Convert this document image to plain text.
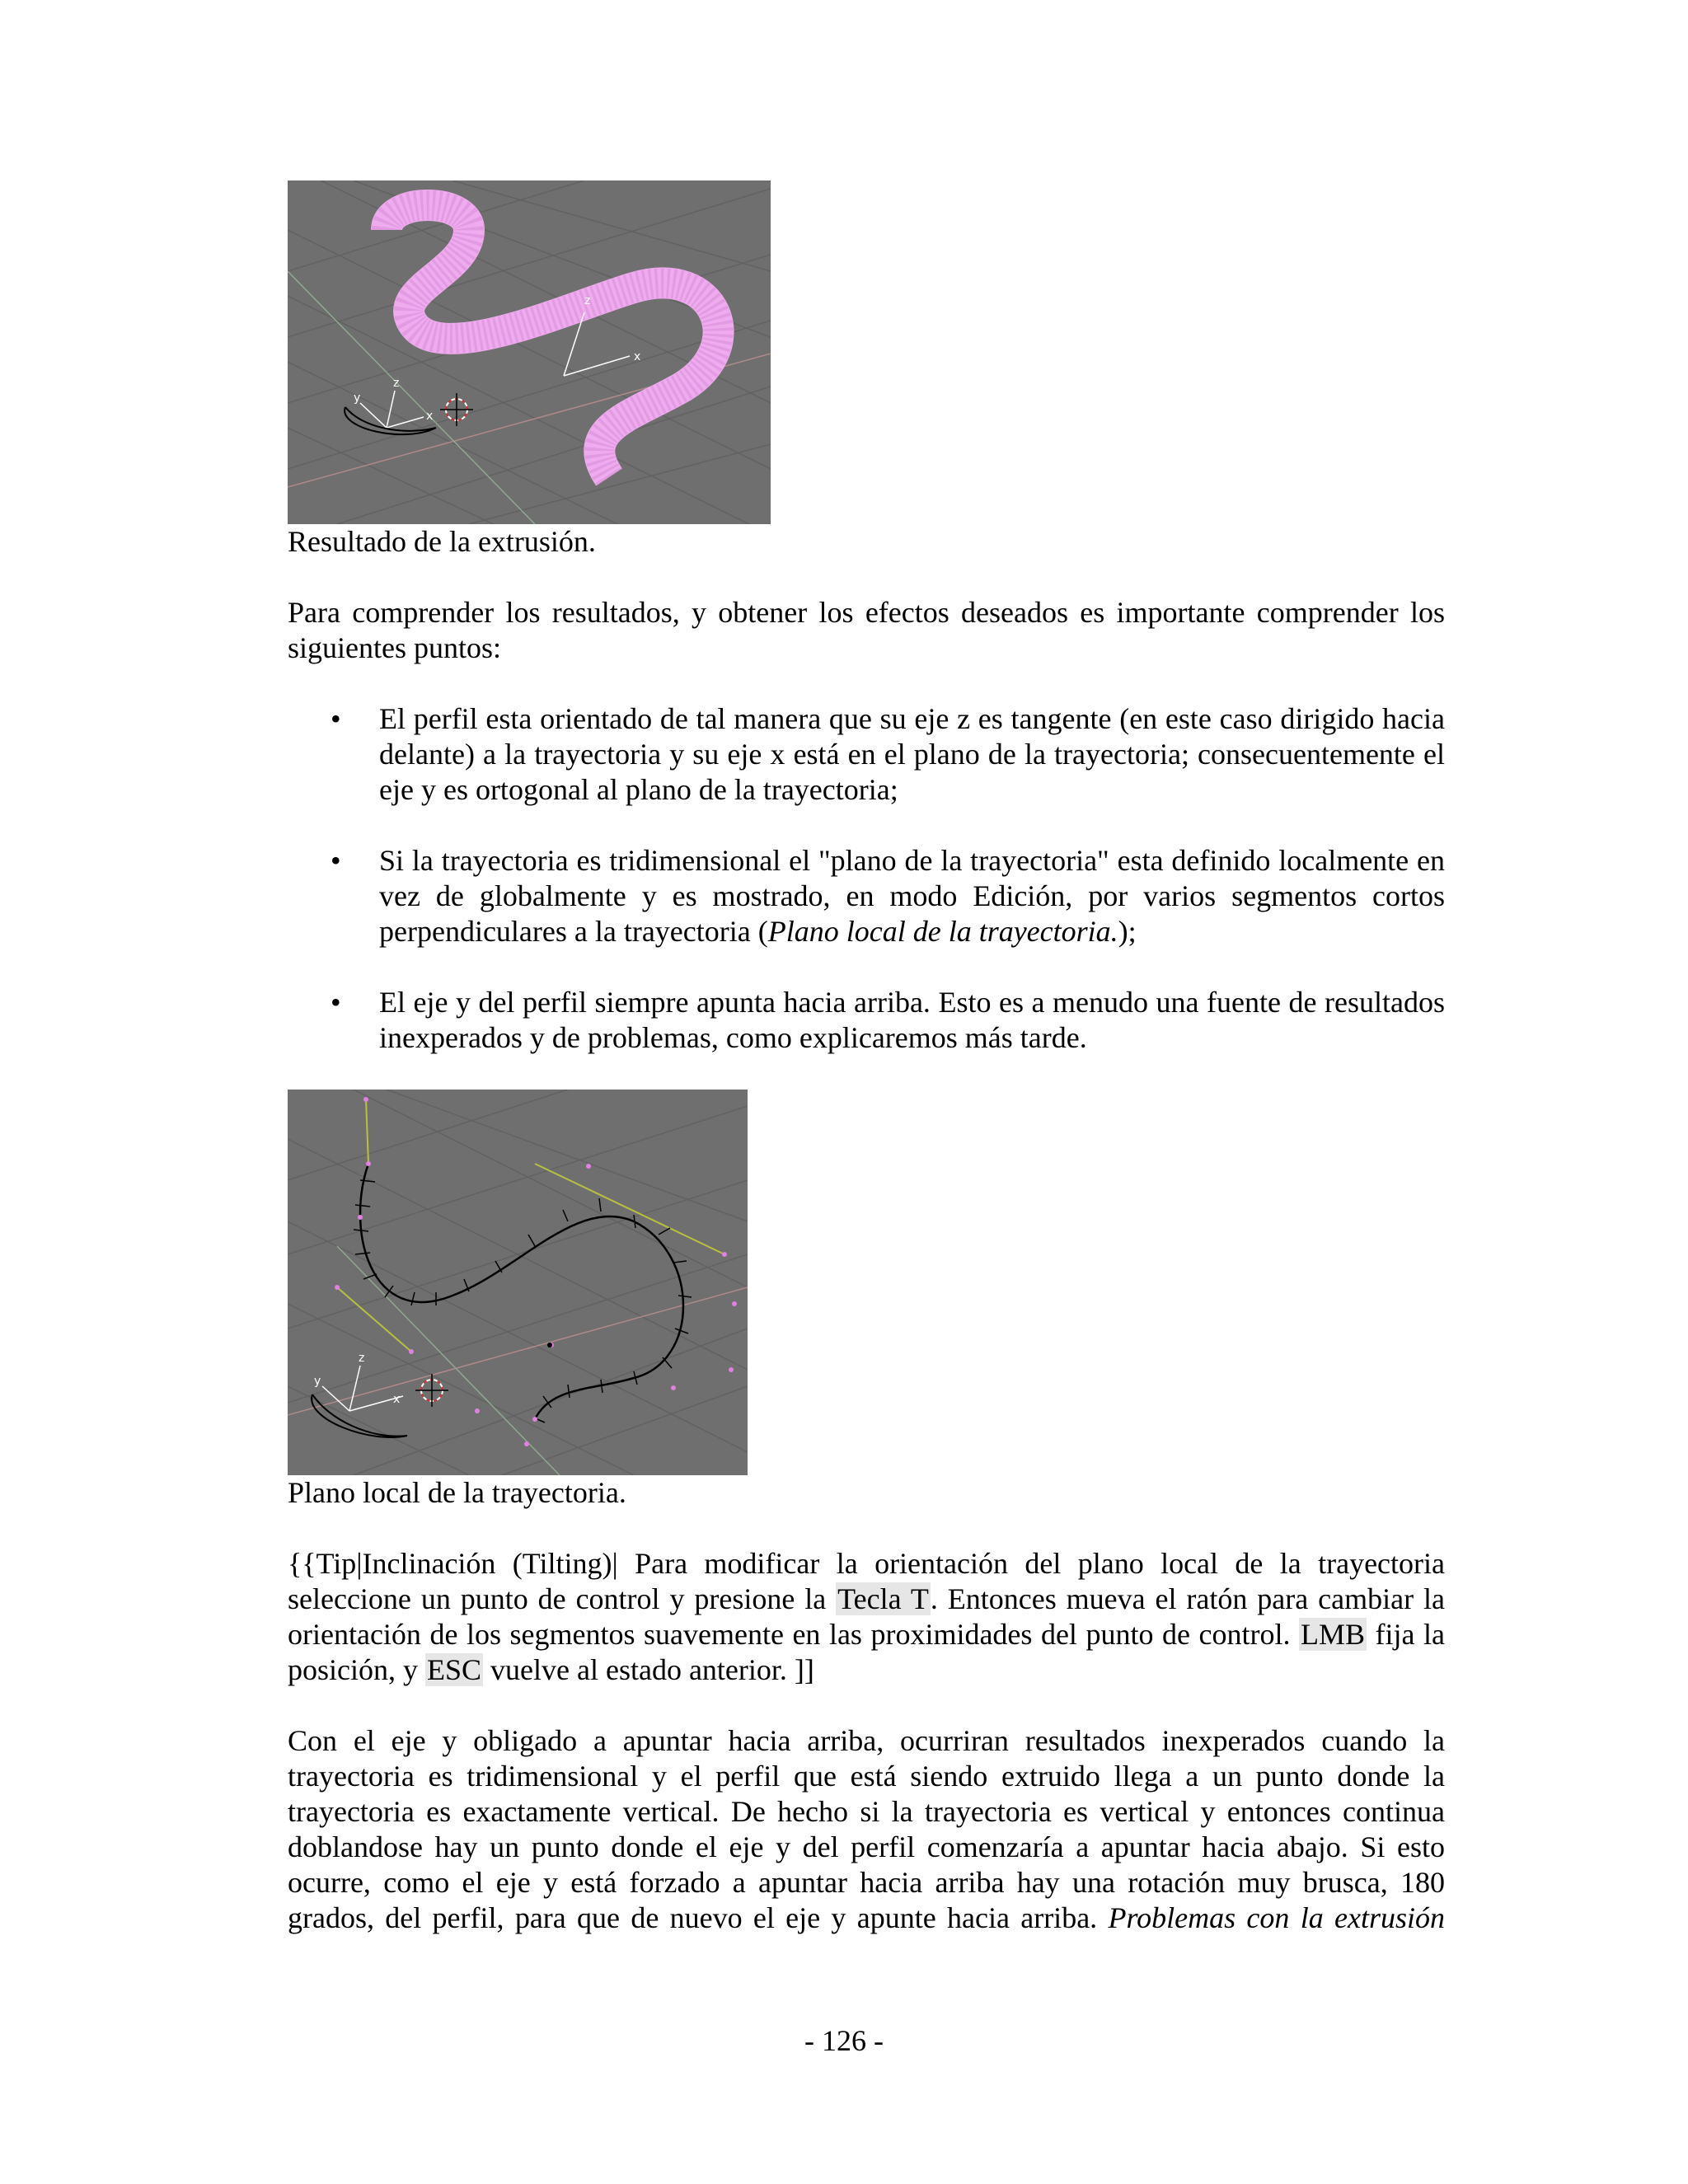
z
x
y
z
x
Resultado de la extrusión.
Para comprender los resultados, y obtener los efectos deseados es importante comprender los siguientes puntos:
• El perfil esta orientado de tal manera que su eje z es tangente (en este caso dirigido hacia delante) a la trayectoria y su eje x está en el plano de la trayectoria; consecuentemente el eje y es ortogonal al plano de la trayectoria;
• Si la trayectoria es tridimensional el "plano de la trayectoria" esta definido localmente en vez de globalmente y es mostrado, en modo Edición, por varios segmentos cortos perpendiculares a la trayectoria (Plano local de la trayectoria.);
• El eje y del perfil siempre apunta hacia arriba. Esto es a menudo una fuente de resultados inexperados y de problemas, como explicaremos más tarde.
y
z
x
Plano local de la trayectoria.
{{Tip|Inclinación (Tilting)| Para modificar la orientación del plano local de la trayectoria seleccione un punto de control y presione la Tecla T. Entonces mueva el ratón para cambiar la orientación de los segmentos suavemente en las proximidades del punto de control. LMB fija la posición, y ESC vuelve al estado anterior. ]]
Con el eje y obligado a apuntar hacia arriba, ocurriran resultados inexperados cuando la trayectoria es tridimensional y el perfil que está siendo extruido llega a un punto donde la trayectoria es exactamente vertical. De hecho si la trayectoria es vertical y entonces continua doblandose hay un punto donde el eje y del perfil comenzaría a apuntar hacia abajo. Si esto ocurre, como el eje y está forzado a apuntar hacia arriba hay una rotación muy brusca, 180 grados, del perfil, para que de nuevo el eje y apunte hacia arriba. Problemas con la extrusión
- 126 -
